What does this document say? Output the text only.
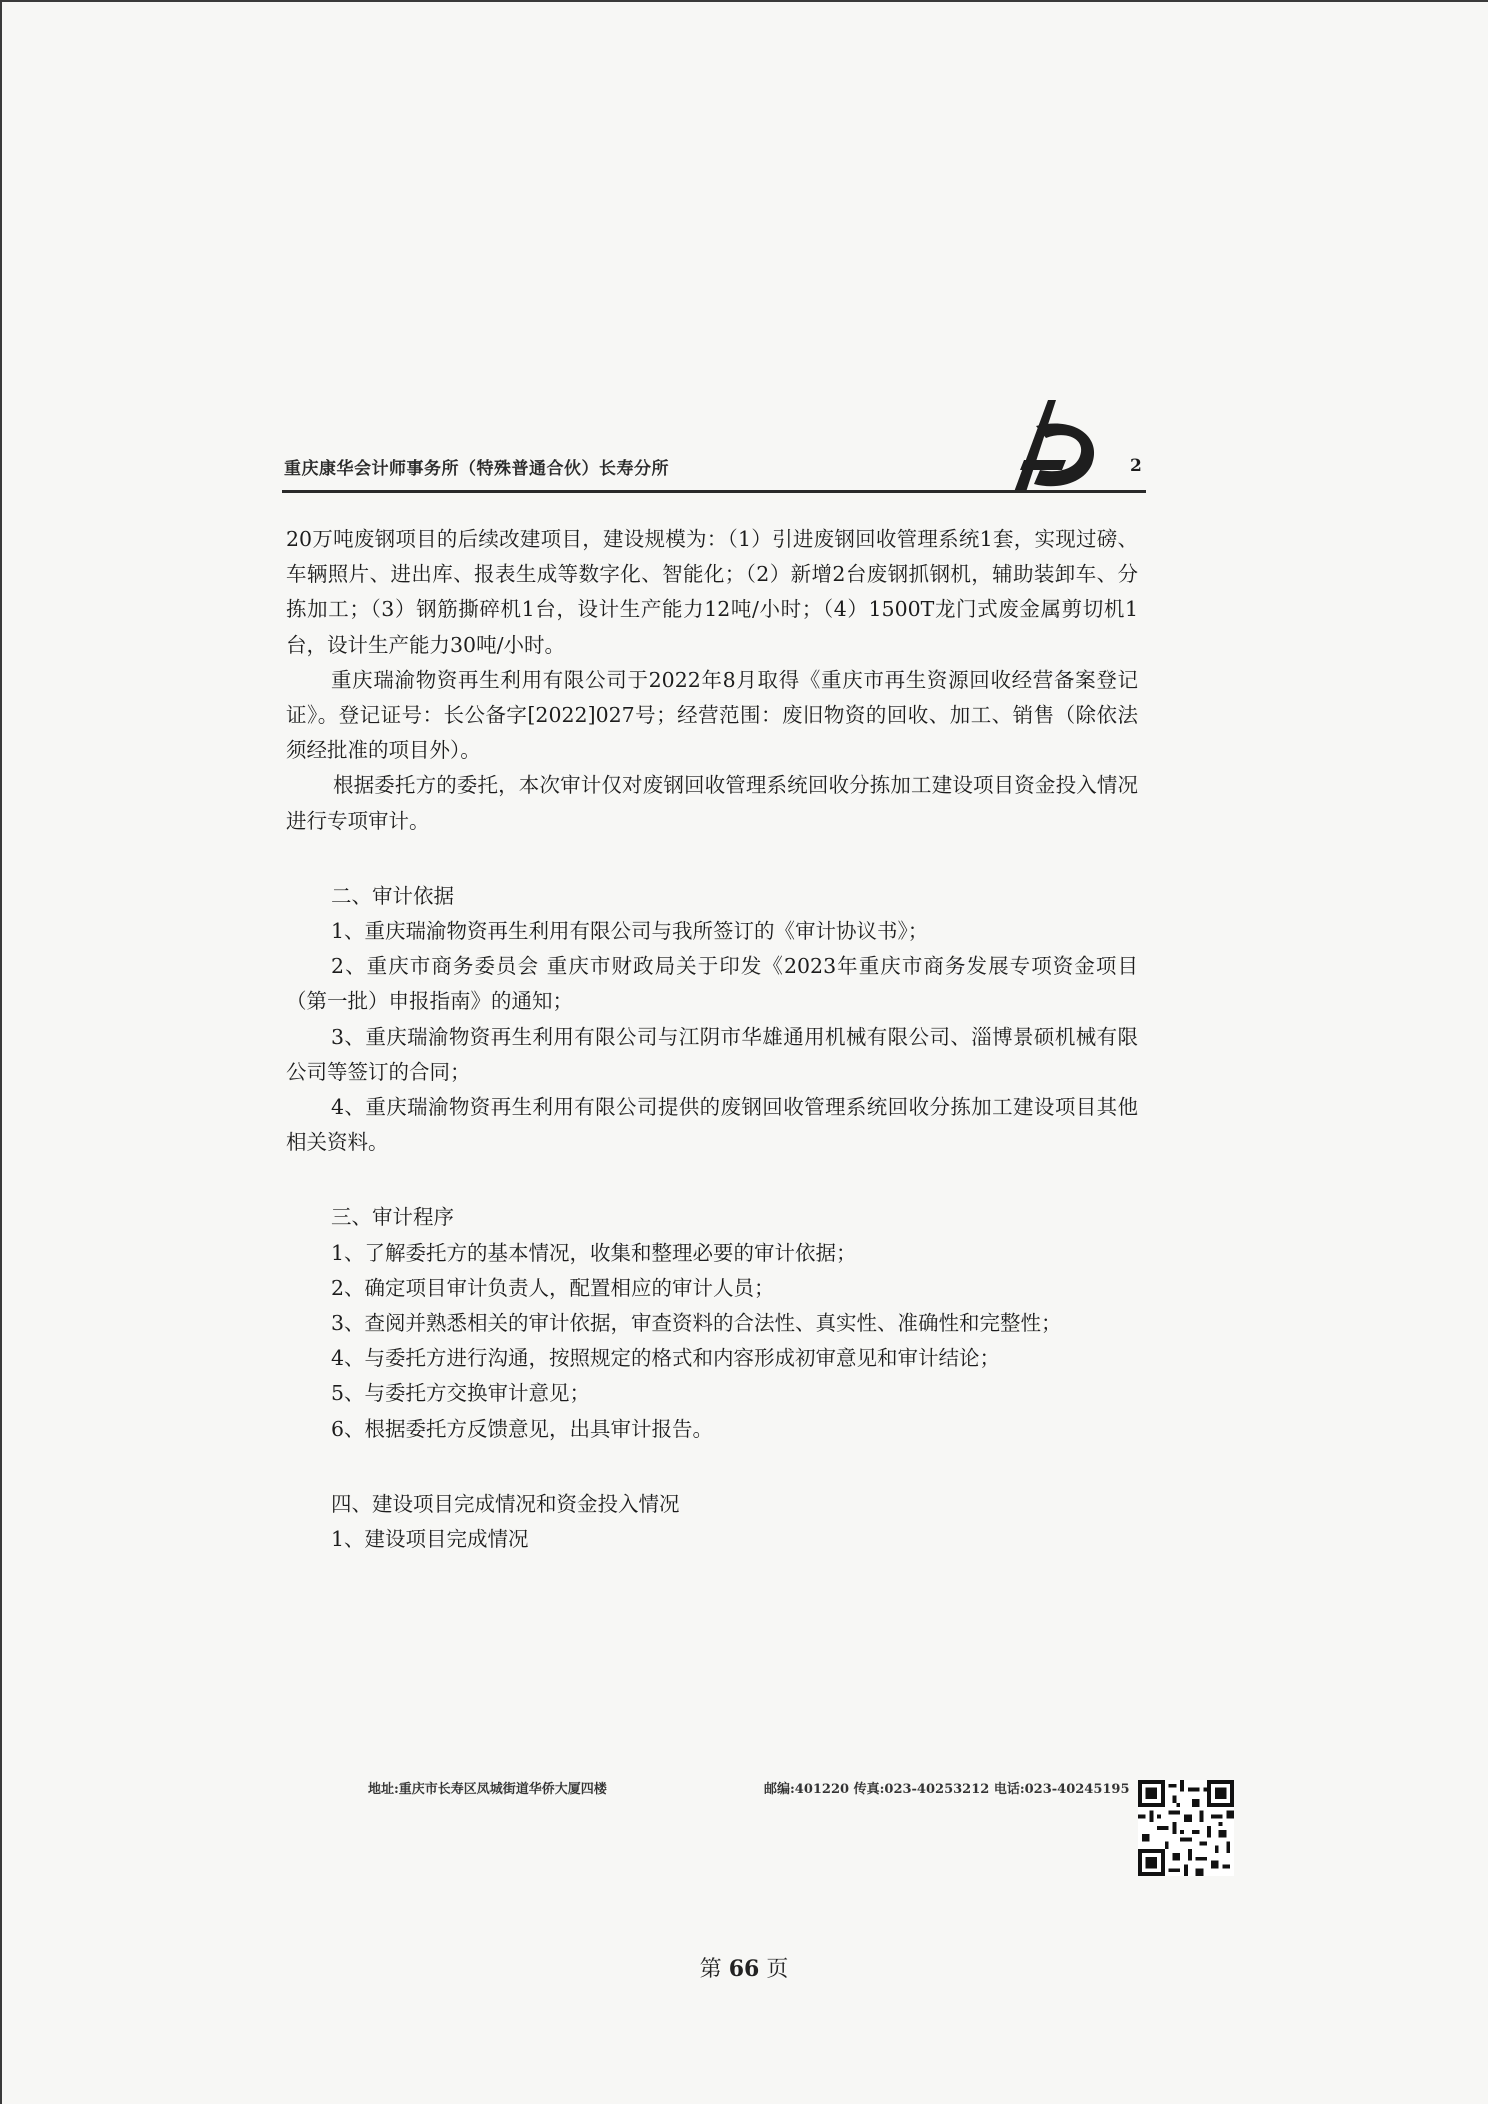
重庆康华会计师事务所（特殊普通合伙）长寿分所	2

20万吨废钢项目的后续改建项目，建设规模为：（1）引进废钢回收管理系统1套，实现过磅、车辆照片、进出库、报表生成等数字化、智能化；（2）新增2台废钢抓钢机，辅助装卸车、分拣加工；（3）钢筋撕碎机1台，设计生产能力12吨/小时；（4）1500T龙门式废金属剪切机1台，设计生产能力30吨/小时。

重庆瑞渝物资再生利用有限公司于2022年8月取得《重庆市再生资源回收经营备案登记证》。登记证号：长公备字[2022]027号；经营范围：废旧物资的回收、加工、销售（除依法须经批准的项目外）。

根据委托方的委托，本次审计仅对废钢回收管理系统回收分拣加工建设项目资金投入情况进行专项审计。

二、审计依据

1、重庆瑞渝物资再生利用有限公司与我所签订的《审计协议书》；

2、重庆市商务委员会 重庆市财政局关于印发《2023年重庆市商务发展专项资金项目（第一批）申报指南》的通知；

3、重庆瑞渝物资再生利用有限公司与江阴市华雄通用机械有限公司、淄博景硕机械有限公司等签订的合同；

4、重庆瑞渝物资再生利用有限公司提供的废钢回收管理系统回收分拣加工建设项目其他相关资料。

三、审计程序

1、了解委托方的基本情况，收集和整理必要的审计依据；

2、确定项目审计负责人，配置相应的审计人员；

3、查阅并熟悉相关的审计依据，审查资料的合法性、真实性、准确性和完整性；

4、与委托方进行沟通，按照规定的格式和内容形成初审意见和审计结论；

5、与委托方交换审计意见；

6、根据委托方反馈意见，出具审计报告。

四、建设项目完成情况和资金投入情况

1、建设项目完成情况

地址:重庆市长寿区凤城街道华侨大厦四楼	邮编:401220 传真:023-40253212 电话:023-40245195
第 66 页
